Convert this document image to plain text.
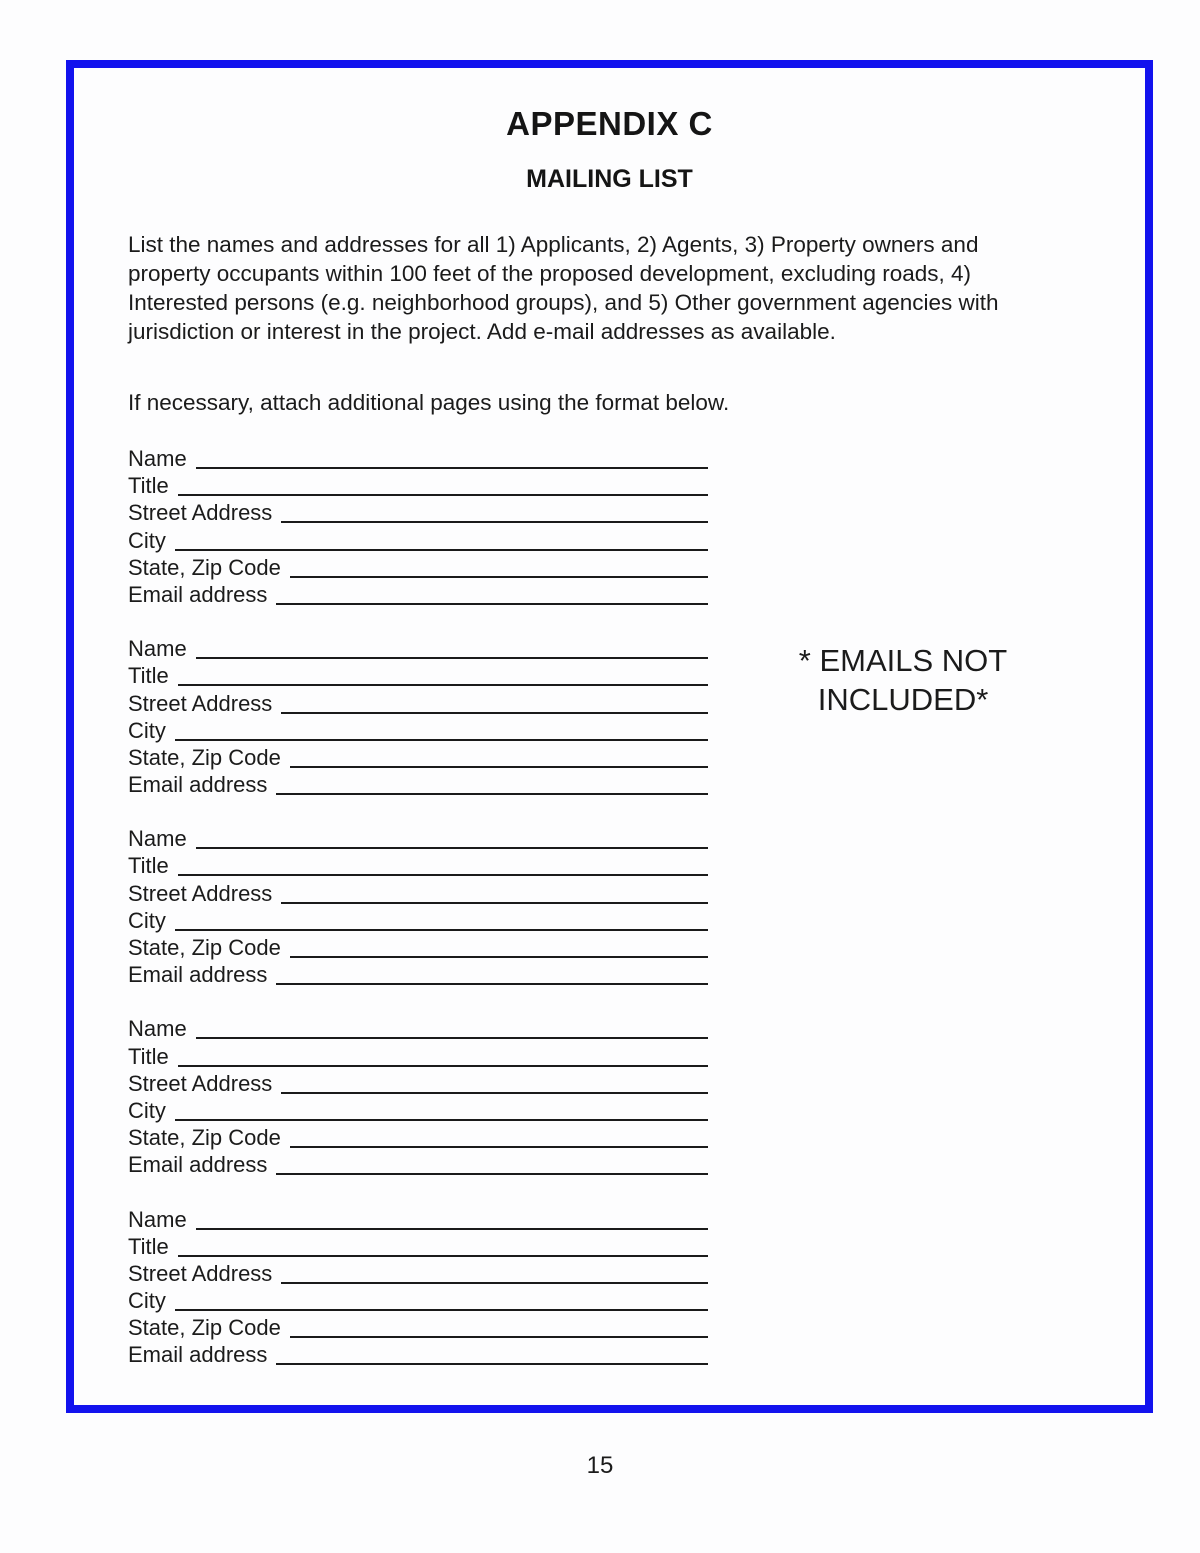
APPENDIX C
MAILING LIST

List the names and addresses for all 1) Applicants, 2) Agents, 3) Property owners and property occupants within 100 feet of the proposed development, excluding roads, 4) Interested persons (e.g. neighborhood groups), and 5) Other government agencies with jurisdiction or interest in the project. Add e-mail addresses as available.

If necessary, attach additional pages using the format below.

Name
Title
Street Address
City
State, Zip Code
Email address
Name
Title
Street Address
City
State, Zip Code
Email address
Name
Title
Street Address
City
State, Zip Code
Email address
Name
Title
Street Address
City
State, Zip Code
Email address
Name
Title
Street Address
City
State, Zip Code
Email address
* EMAILS NOT
INCLUDED*
15
